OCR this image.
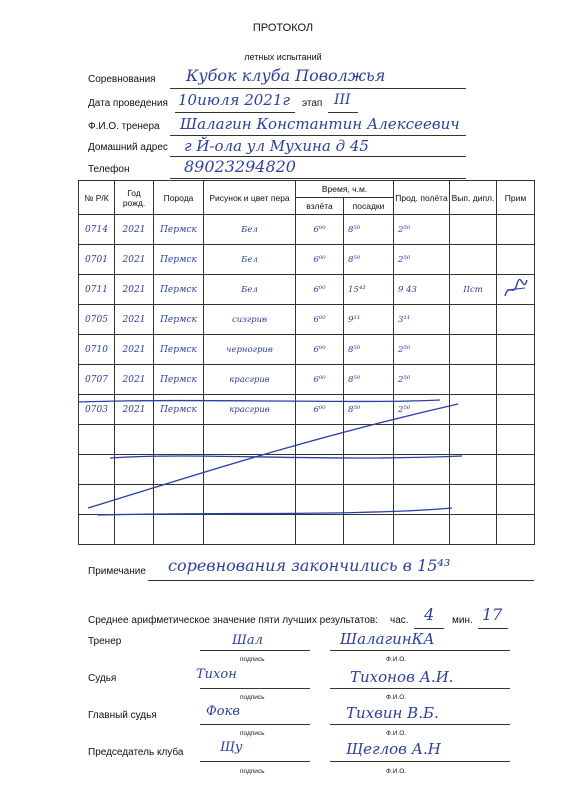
ПРОТОКОЛ
летных испытаний
Соревнования Кубок клуба Поволжья
Дата проведения 10июля 2021г этап III
Ф.И.О. тренера Шалагин Константин Алексеевич
Домашний адрес г Й-ола ул Мухина д 45
Телефон	89023294820
№ Р/К	Год рожд.	Порода	Рисунок и цвет пера	Время, ч.м.		Прод. полёта	Вып. дипл.	Прим
				взлёта	посадки			
0714	2021	Пермск	Бел	6⁰⁰	8⁵⁰	2⁵⁰		
0701	2021	Пермск	Бел	6⁰⁰	8⁵⁰	2⁵⁰		
0711	2021	Пермск	Бел	6⁰⁰	15⁴³	9 43	IIст	
0705	2021	Пермск	сизгрив	6⁰⁰	9¹¹	3¹¹		
0710	2021	Пермск	черногрив	6⁰⁰	8⁵⁰	2⁵⁰		
0707	2021	Пермск	красгрив	6⁰⁰	8⁵⁰	2⁵⁰		
0703	2021	Пермск	красгрив	6⁰⁰	8⁵⁰	2⁵⁰		

Примечание соревнования закончились в 15⁴³
Среднее арифметическое значение пяти лучших результатов: час. 4 мин. 17
Тренер	Шал	ШалагинКА
подпись	Ф.И.О.
Судья	Тихон	Тихонов А.И.
подпись	Ф.И.О.
Главный судья	Фокв	Тихвин В.Б.
подпись	Ф.И.О.
Председатель клуба	Щу	Щеглов А.Н
подпись	Ф.И.О.
